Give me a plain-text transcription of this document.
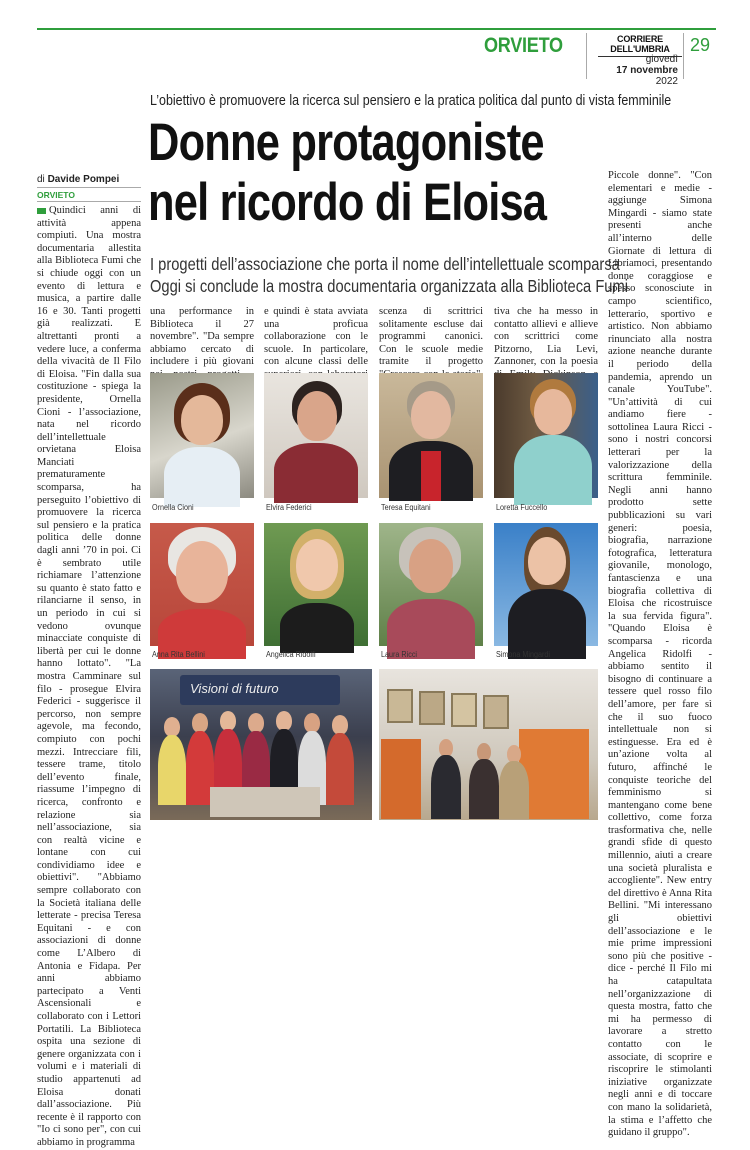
ORVIETO	CORRIERE DELL'UMBRIA
giovedì
17 novembre
2022
29
L’obiettivo è promuovere la ricerca sul pensiero e la pratica politica dal punto di vista femminile
Donne protagoniste
nel ricordo di Eloisa
I progetti dell’associazione che porta il nome dell’intellettuale scomparsa
Oggi si conclude la mostra documentaria organizzata alla Biblioteca Fumi
di Davide Pompei
ORVIETO

Quindici anni di attività appena compiuti. Una mostra documentaria allestita alla Biblioteca Fumi che si chiude oggi con un evento di lettura e musica, a partire dalle 16 e 30. Tanti progetti già realizzati. E altrettanti pronti a vedere luce, a conferma della vivacità de Il Filo di Eloisa. "Fin dalla sua costituzione - spiega la presidente, Ornella Cioni - l’associazione, nata nel ricordo dell’intellettuale orvietana Eloisa Manciati prematuramente scomparsa, ha perseguito l’obiettivo di promuovere la ricerca sul pensiero e la pratica politica delle donne dagli anni ’70 in poi. Ci è sembrato utile richiamare l’attenzione su quanto è stato fatto e rilanciarne il senso, in un periodo in cui si vedono ovunque minacciate conquiste di libertà per cui le donne hanno lottato". "La mostra Camminare sul filo - prosegue Elvira Federici - suggerisce il percorso, non sempre agevole, ma fecondo, compiuto con pochi mezzi. Intrecciare fili, tessere trame, titolo dell’evento finale, riassume l’impegno di ricerca, confronto e relazione sia nell’associazione, sia con realtà vicine e lontane con cui condividiamo idee e obiettivi". "Abbiamo sempre collaborato con la Società italiana delle letterate - precisa Teresa Equitani - e con associazioni di donne come L’Albero di Antonia e Fidapa. Per anni abbiamo partecipato a Venti Ascensionali e collaborato con i Lettori Portatili. La Biblioteca ospita una sezione di genere organizzata con i volumi e i materiali di studio appartenuti ad Eloisa donati dall’associazione. Più recente è il rapporto con "Io ci sono per", con cui abbiamo in programma

una performance in Biblioteca il 27 novembre". "Da sempre abbiamo cercato di includere i più giovani
e quindi è stata avviata una proficua collaborazione con le scuole. In particolare, con alcune classi delle
scenza di scrittrici solitamente escluse dai programmi canonici. Con le scuole medie tramite il progetto
tiva che ha messo in contatto allievi e allieve con scrittrici come Pitzorno, Lia Levi, Zannoner, con la poesia
Piccole donne". "Con elementari e medie - aggiunge Simona Mingardi - siamo state presenti anche all’interno delle Giornate di lettura di Libriamoci, presentando donne coraggiose e spesso sconosciute in campo scientifico, letterario, sportivo e artistico. Non abbiamo rinunciato alla nostra azione neanche durante il periodo della pandemia, aprendo un canale YouTube". "Un’attività di cui andiamo fiere - sottolinea Laura Ricci - sono i nostri concorsi letterari per la valorizzazione della scrittura femminile. Negli anni hanno prodotto sette pubblicazioni su vari generi: poesia, biografia, narrazione fotografica, letteratura giovanile, monologo, fantascienza e una biografia collettiva di Eloisa che ricostruisce la sua fervida figura". "Quando Eloisa è scomparsa - ricorda Angelica Ridolfi - abbiamo sentito il bisogno di continuare a tessere quel rosso filo dell’amore, per fare sì che il suo fuoco intellettuale non si estinguesse. Era ed è un’azione volta al futuro, affinché le conquiste teoriche del femminismo si mantengano come bene collettivo, come forza trasformativa che, nelle grandi sfide di questo millennio, aiuti a creare una società pluralista e accogliente". New entry del direttivo è Anna Rita Bellini. "Mi interessano gli obiettivi dell’associazione e le mie prime impressioni sono più che positive - dice - perché Il Filo mi ha catapultata nell’organizzazione di questa mostra, fatto che mi ha permesso di lavorare a stretto contatto con le associate, di scoprire e riscoprire le stimolanti iniziative organizzate negli anni e di toccare con mano la solidarietà, la stima e l’affetto che guidano il gruppo".
Ornella Cioni	Elvira Federici	Teresa Equitani	Loretta Fuccello
Anna Rita Bellini	Angelica Ridolfi	Laura Ricci	Simona Mingardi
Visioni di futuro
